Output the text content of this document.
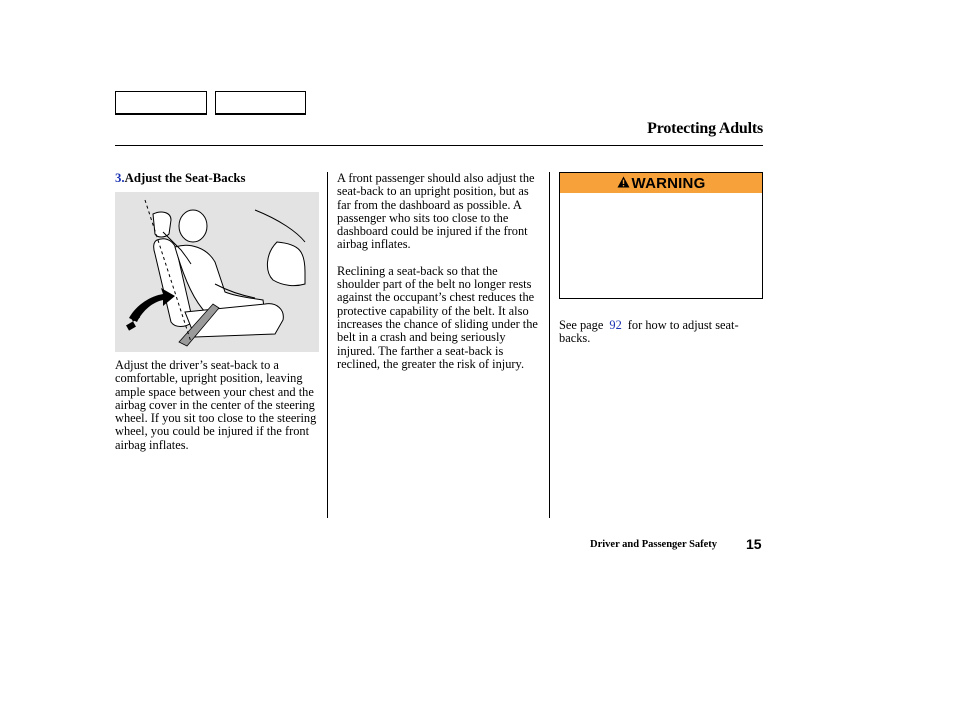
Protecting Adults
3.Adjust the Seat-Backs

Adjust the driver’s seat-back to a comfortable, upright position, leaving ample space between your chest and the airbag cover in the center of the steering wheel. If you sit too close to the steering wheel, you could be injured if the front airbag inflates.

A front passenger should also adjust the seat-back to an upright position, but as far from the dashboard as possible. A passenger who sits too close to the dashboard could be injured if the front airbag inflates.

Reclining a seat-back so that the shoulder part of the belt no longer rests against the occupant’s chest reduces the protective capability of the belt. It also increases the chance of sliding under the belt in a crash and being seriously injured. The farther a seat-back is reclined, the greater the risk of injury.

WARNING
See page 92 for how to adjust seat-backs.
Driver and Passenger Safety 15
